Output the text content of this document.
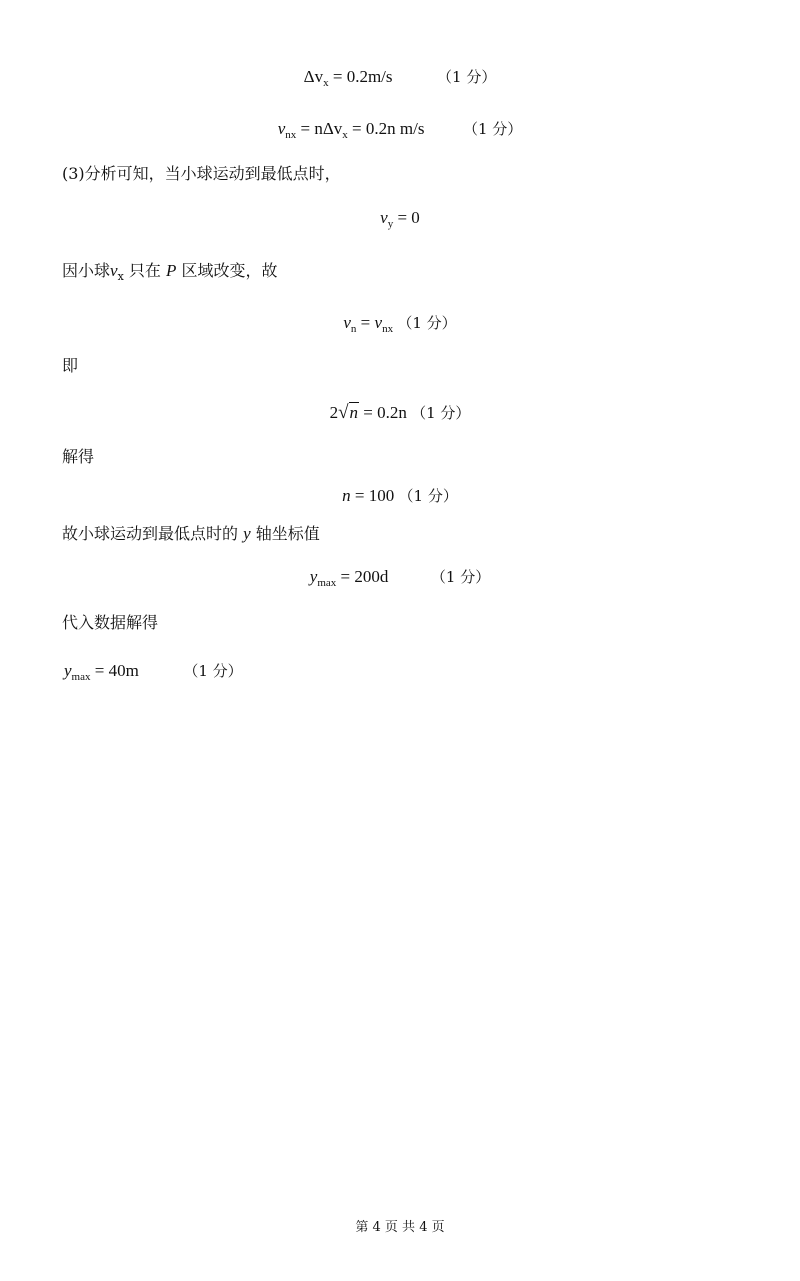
$\Delta v_x = 0.2m/s$	（1 分）
$v_{nx} = n\Delta v_x = 0.2n$ m/s	（1 分）
(3)分析可知，当小球运动到最低点时，
$v_y = 0$
因小球$v_x$ 只在 P 区域改变，故
$v_n = v_{nx}$ （1 分）
即
2√n = 0.2n （1 分）
解得
n = 100 （1 分）
故小球运动到最低点时的 y 轴坐标值
$y_{max} = 200d$	（1 分）
代入数据解得
$y_{max} = 40m$	（1 分）
第 4 页 共 4 页
